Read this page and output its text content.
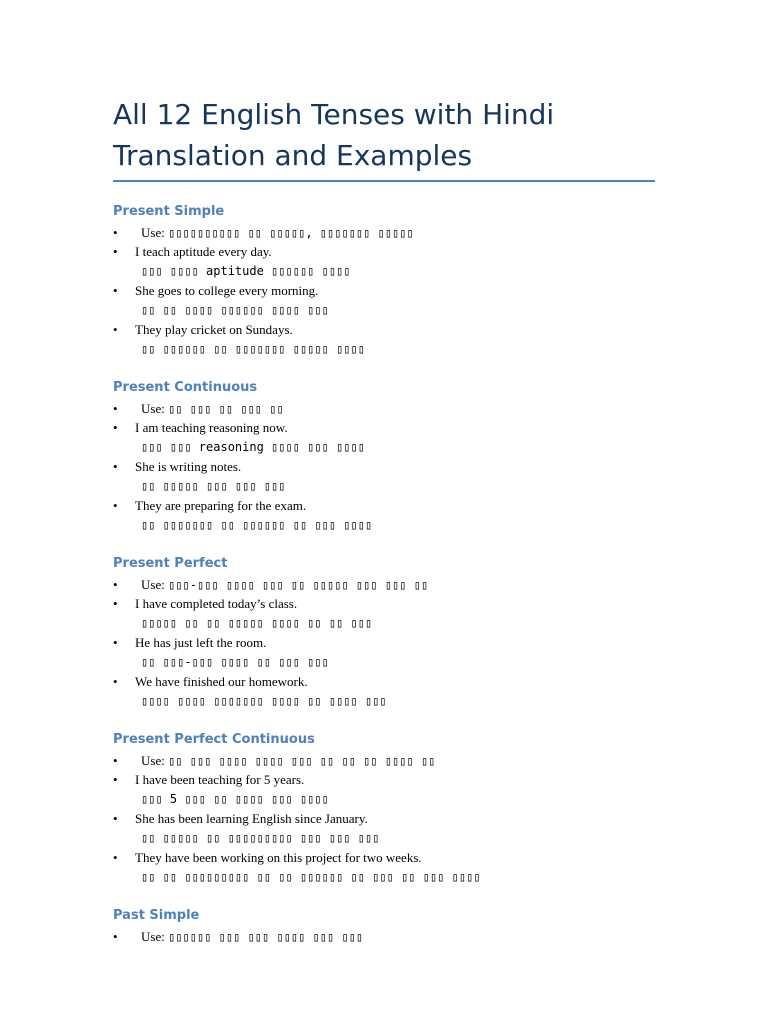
All 12 English Tenses with Hindi
Translation and Examples
Present Simple
• Use: ▯▯▯▯▯▯▯▯▯▯ ▯▯ ▯▯▯▯▯, ▯▯▯▯▯▯▯ ▯▯▯▯▯
• I teach aptitude every day.
▯▯▯ ▯▯▯▯ aptitude ▯▯▯▯▯▯ ▯▯▯▯
• She goes to college every morning.
▯▯ ▯▯ ▯▯▯▯ ▯▯▯▯▯▯ ▯▯▯▯ ▯▯▯
• They play cricket on Sundays.
▯▯ ▯▯▯▯▯▯ ▯▯ ▯▯▯▯▯▯▯ ▯▯▯▯▯ ▯▯▯▯
Present Continuous
• Use: ▯▯ ▯▯▯ ▯▯ ▯▯▯ ▯▯
• I am teaching reasoning now.
▯▯▯ ▯▯▯ reasoning ▯▯▯▯ ▯▯▯ ▯▯▯▯
• She is writing notes.
▯▯ ▯▯▯▯▯ ▯▯▯ ▯▯▯ ▯▯▯
• They are preparing for the exam.
▯▯ ▯▯▯▯▯▯▯ ▯▯ ▯▯▯▯▯▯ ▯▯ ▯▯▯ ▯▯▯▯
Present Perfect
• Use: ▯▯▯-▯▯▯ ▯▯▯▯ ▯▯▯ ▯▯ ▯▯▯▯▯ ▯▯▯ ▯▯▯ ▯▯
• I have completed today’s class.
▯▯▯▯▯ ▯▯ ▯▯ ▯▯▯▯▯ ▯▯▯▯ ▯▯ ▯▯ ▯▯▯
• He has just left the room.
▯▯ ▯▯▯-▯▯▯ ▯▯▯▯ ▯▯ ▯▯▯ ▯▯▯
• We have finished our homework.
▯▯▯▯ ▯▯▯▯ ▯▯▯▯▯▯▯ ▯▯▯▯ ▯▯ ▯▯▯▯ ▯▯▯
Present Perfect Continuous
• Use: ▯▯ ▯▯▯ ▯▯▯▯ ▯▯▯▯ ▯▯▯ ▯▯ ▯▯ ▯▯ ▯▯▯▯ ▯▯
• I have been teaching for 5 years.
▯▯▯ 5 ▯▯▯ ▯▯ ▯▯▯▯ ▯▯▯ ▯▯▯▯
• She has been learning English since January.
▯▯ ▯▯▯▯▯ ▯▯ ▯▯▯▯▯▯▯▯▯ ▯▯▯ ▯▯▯ ▯▯▯
• They have been working on this project for two weeks.
▯▯ ▯▯ ▯▯▯▯▯▯▯▯▯ ▯▯ ▯▯ ▯▯▯▯▯▯ ▯▯ ▯▯▯ ▯▯ ▯▯▯ ▯▯▯▯
Past Simple
• Use: ▯▯▯▯▯▯ ▯▯▯ ▯▯▯ ▯▯▯▯ ▯▯▯ ▯▯▯
